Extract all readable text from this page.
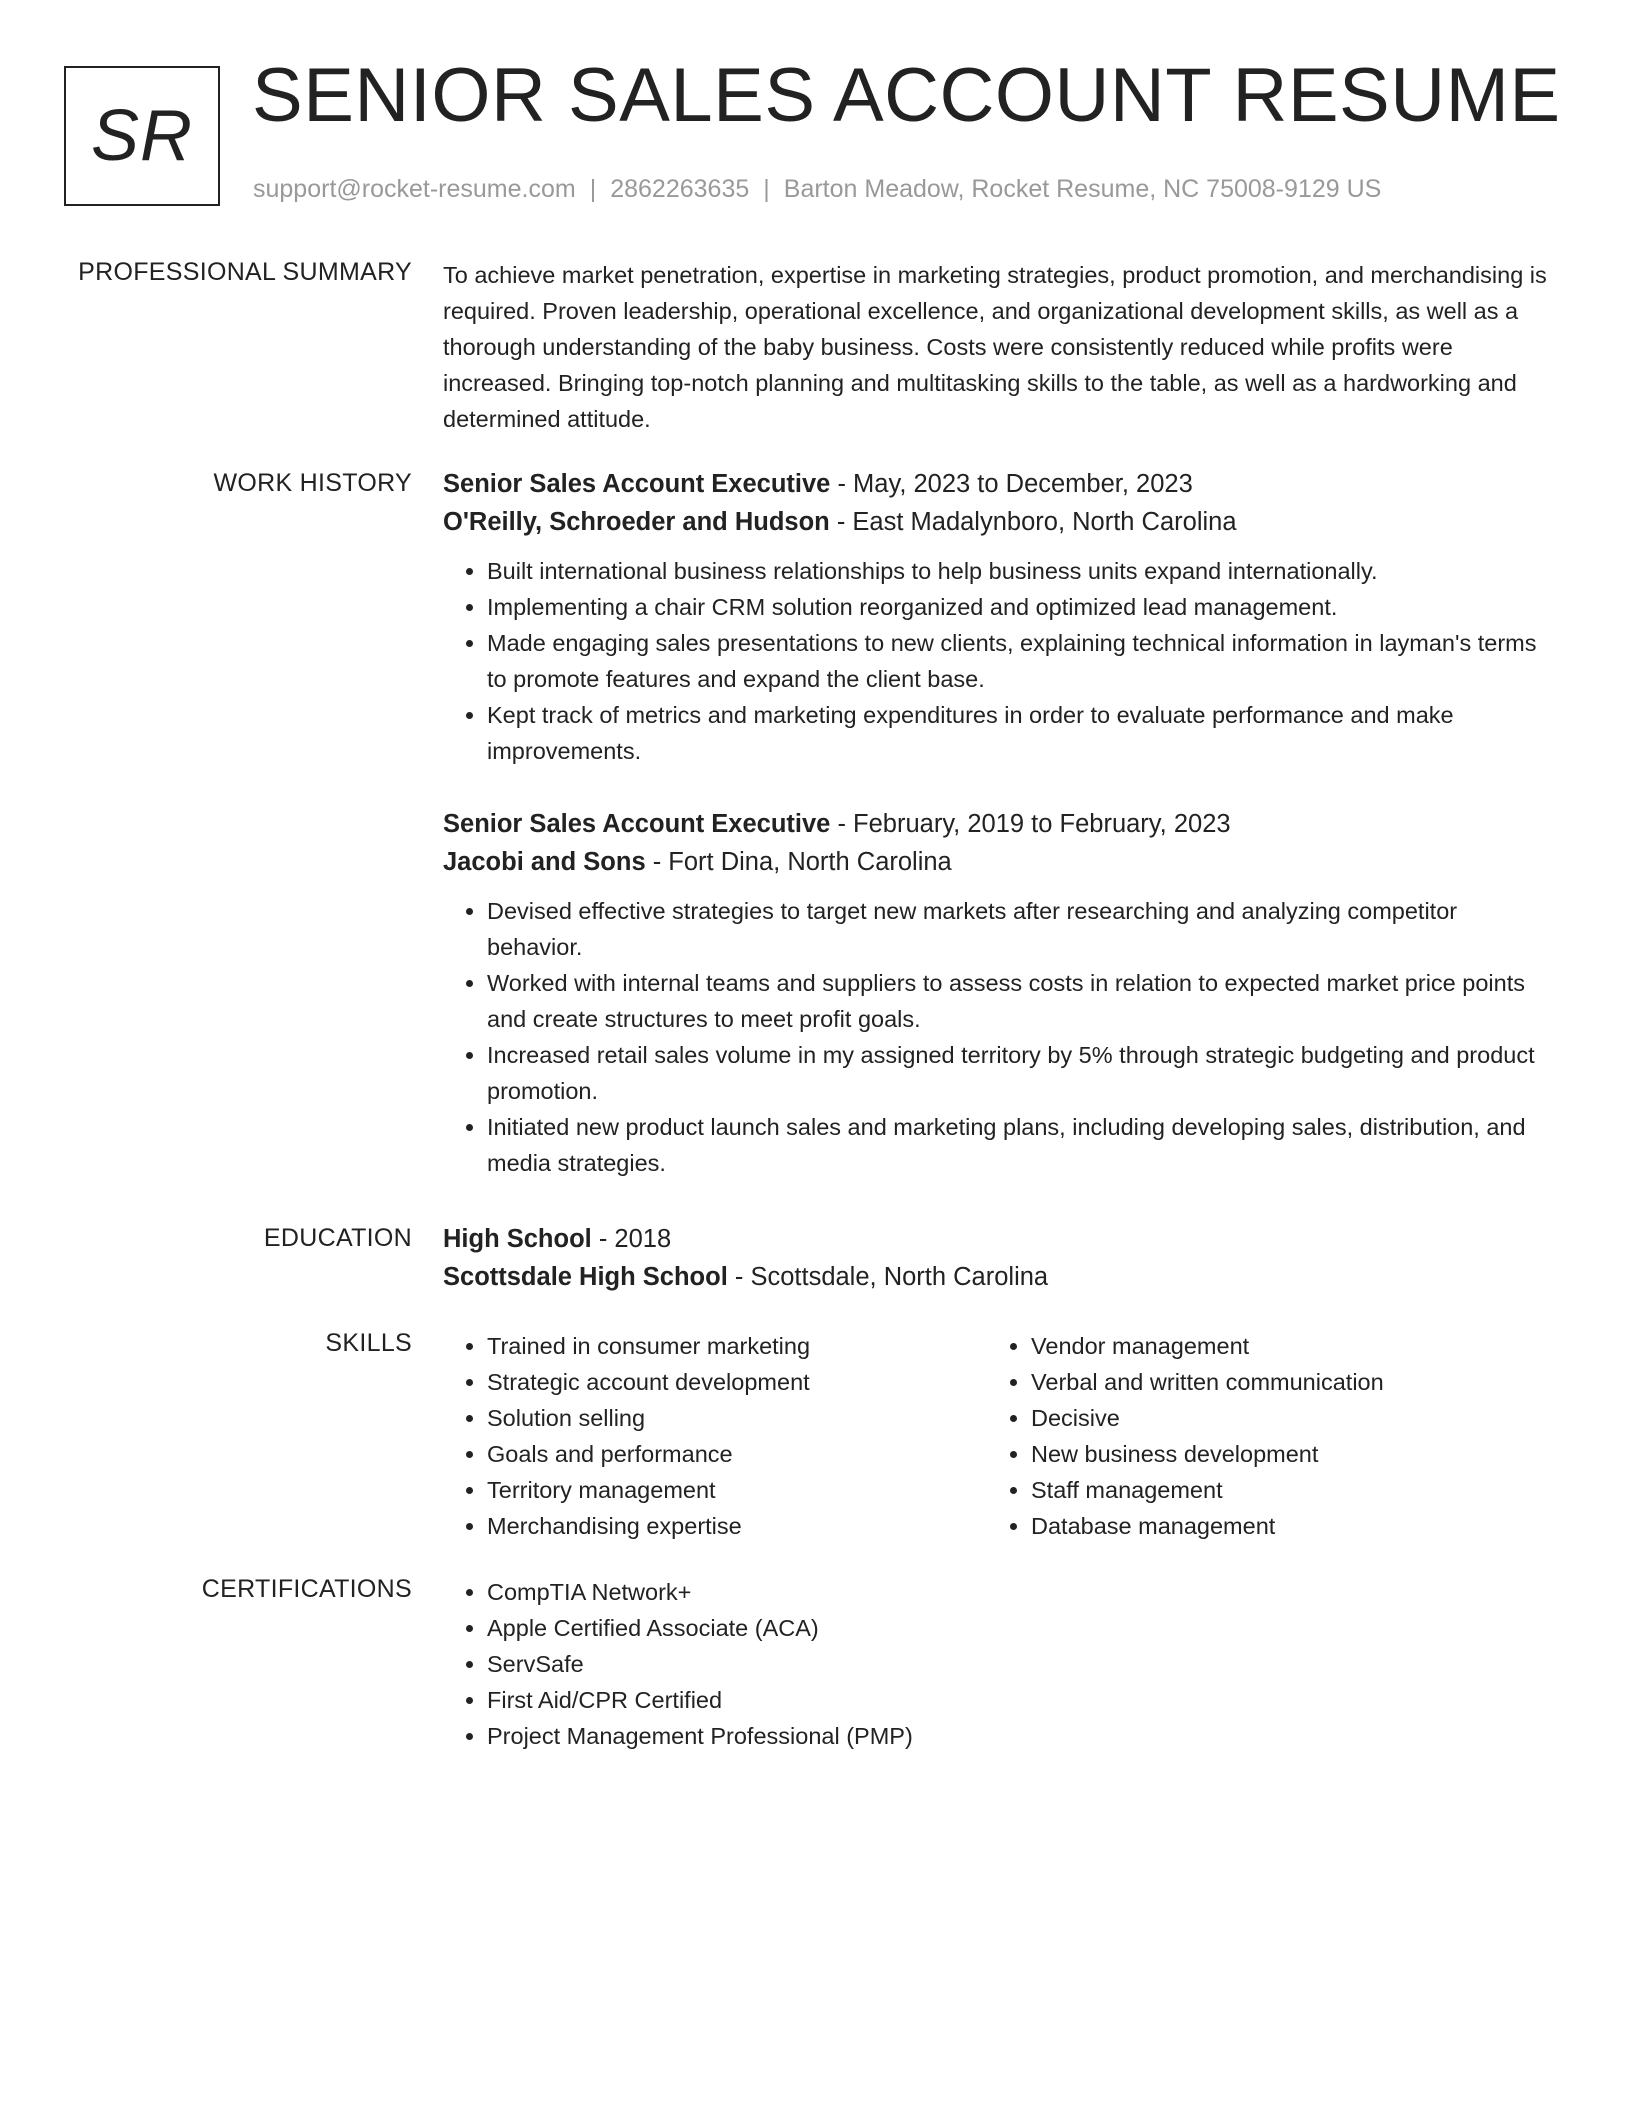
SR SENIOR SALES ACCOUNT RESUME
support@rocket-resume.com | 2862263635 | Barton Meadow, Rocket Resume, NC 75008-9129 US
PROFESSIONAL SUMMARY To achieve market penetration, expertise in marketing strategies, product promotion, and merchandising is required. Proven leadership, operational excellence, and organizational development skills, as well as a thorough understanding of the baby business. Costs were consistently reduced while profits were increased. Bringing top-notch planning and multitasking skills to the table, as well as a hardworking and determined attitude.

WORK HISTORY Senior Sales Account Executive - May, 2023 to December, 2023
O'Reilly, Schroeder and Hudson - East Madalynboro, North Carolina
• Built international business relationships to help business units expand internationally.
• Implementing a chair CRM solution reorganized and optimized lead management.
• Made engaging sales presentations to new clients, explaining technical information in layman's terms to promote features and expand the client base.
• Kept track of metrics and marketing expenditures in order to evaluate performance and make improvements.
Senior Sales Account Executive - February, 2019 to February, 2023
Jacobi and Sons - Fort Dina, North Carolina
• Devised effective strategies to target new markets after researching and analyzing competitor behavior.
• Worked with internal teams and suppliers to assess costs in relation to expected market price points and create structures to meet profit goals.
• Increased retail sales volume in my assigned territory by 5% through strategic budgeting and product promotion.
• Initiated new product launch sales and marketing plans, including developing sales, distribution, and media strategies.
EDUCATION High School - 2018
Scottsdale High School - Scottsdale, North Carolina
SKILLS	• Trained in consumer marketing
• Strategic account development
• Solution selling
• Goals and performance
• Territory management
• Merchandising expertise
• Vendor management
• Verbal and written communication
• Decisive
• New business development
• Staff management
• Database management
CERTIFICATIONS	• CompTIA Network+
• Apple Certified Associate (ACA)
• ServSafe
• First Aid/CPR Certified
• Project Management Professional (PMP)
